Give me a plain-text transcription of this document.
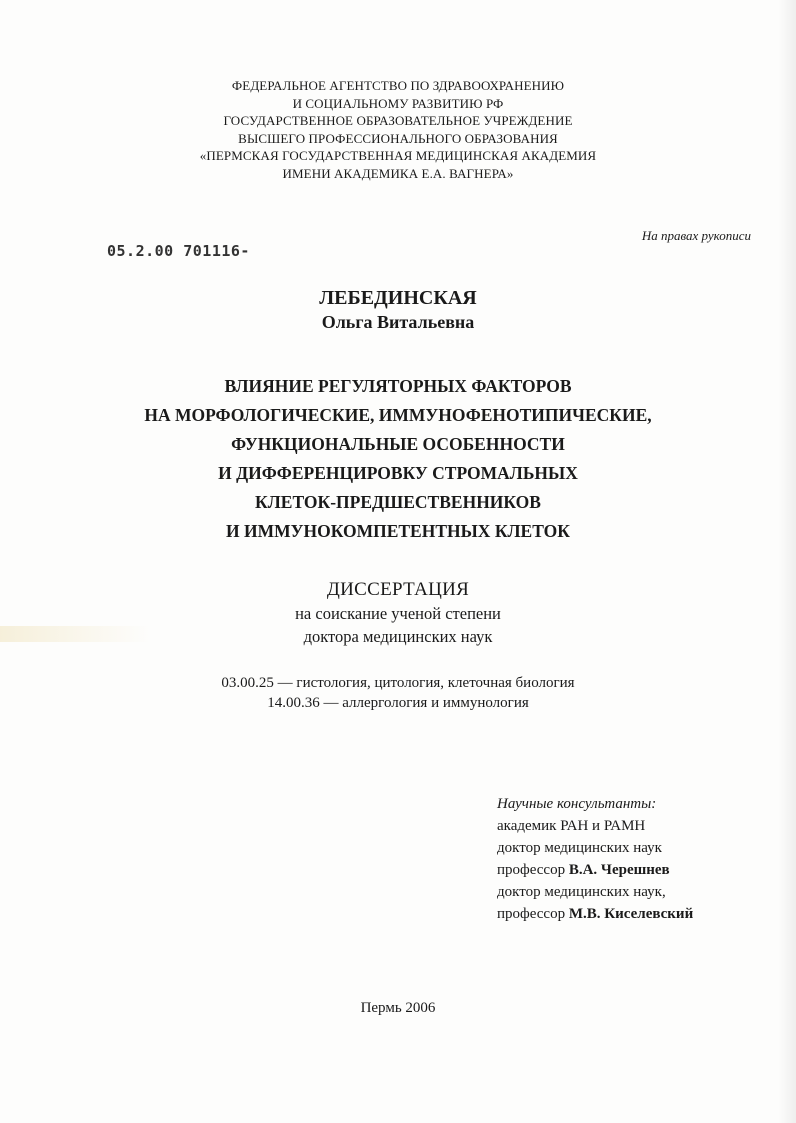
ФЕДЕРАЛЬНОЕ АГЕНТСТВО ПО ЗДРАВООХРАНЕНИЮ
И СОЦИАЛЬНОМУ РАЗВИТИЮ РФ
ГОСУДАРСТВЕННОЕ ОБРАЗОВАТЕЛЬНОЕ УЧРЕЖДЕНИЕ
ВЫСШЕГО ПРОФЕССИОНАЛЬНОГО ОБРАЗОВАНИЯ
«ПЕРМСКАЯ ГОСУДАРСТВЕННАЯ МЕДИЦИНСКАЯ АКАДЕМИЯ
ИМЕНИ АКАДЕМИКА Е.А. ВАГНЕРА»
На правах рукописи
05.2.00 701116-
ЛЕБЕДИНСКАЯ
Ольга Витальевна
ВЛИЯНИЕ РЕГУЛЯТОРНЫХ ФАКТОРОВ
НА МОРФОЛОГИЧЕСКИЕ, ИММУНОФЕНОТИПИЧЕСКИЕ,
ФУНКЦИОНАЛЬНЫЕ ОСОБЕННОСТИ
И ДИФФЕРЕНЦИРОВКУ СТРОМАЛЬНЫХ
КЛЕТОК-ПРЕДШЕСТВЕННИКОВ
И ИММУНОКОМПЕТЕНТНЫХ КЛЕТОК
ДИССЕРТАЦИЯ
на соискание ученой степени
доктора медицинских наук
03.00.25 — гистология, цитология, клеточная биология
14.00.36 — аллергология и иммунология
Научные консультанты:
академик РАН и РАМН
доктор медицинских наук
профессор В.А. Черешнев
доктор медицинских наук,
профессор М.В. Киселевский
Пермь 2006
